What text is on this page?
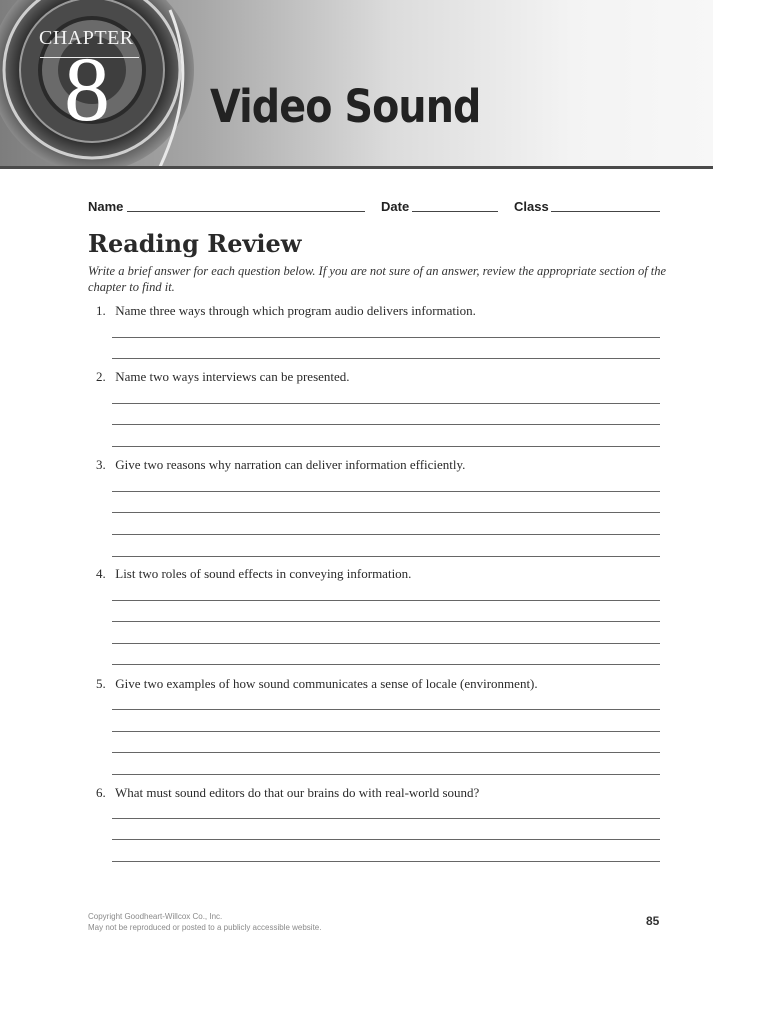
CHAPTER
8 Video Sound
Name	Date	Class
Reading Review
Write a brief answer for each question below. If you are not sure of an answer, review the appropriate section of the chapter to find it.
1. Name three ways through which program audio delivers information.
2. Name two ways interviews can be presented.
3. Give two reasons why narration can deliver information efficiently.
4. List two roles of sound effects in conveying information.
5. Give two examples of how sound communicates a sense of locale (environment).
6. What must sound editors do that our brains do with real-world sound?
Copyright Goodheart-Willcox Co., Inc.
May not be reproduced or posted to a publicly accessible website.	85
